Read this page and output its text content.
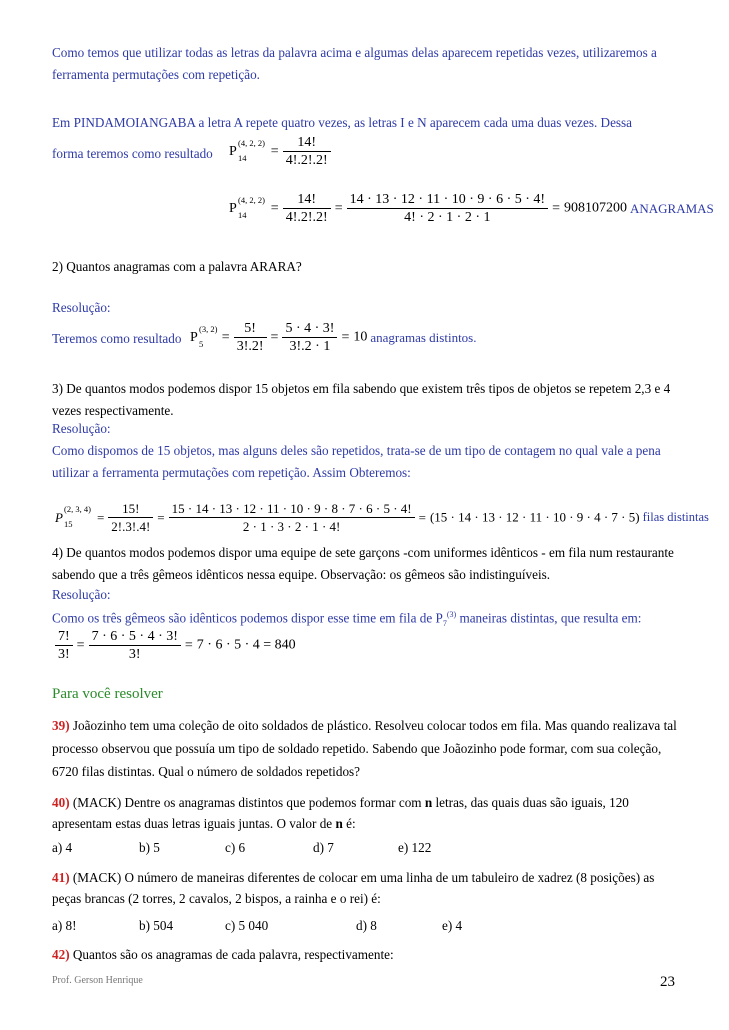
Como temos que utilizar todas as letras da palavra acima e algumas delas aparecem repetidas vezes, utilizaremos a ferramenta permutações com repetição.
Em PINDAMOIANGABA a letra A repete quatro vezes, as letras I e N aparecem cada uma duas vezes. Dessa
forma teremos como resultado	P
(4, 2, 2)
$14 = \frac{14!}{4!.2!.2!}$
P
(4, 2, 2)
$14 = \frac{14!}{4!.2!.2!} = \frac{14 \cdot 13 \cdot 12 \cdot 11 \cdot 10 \cdot 9 \cdot 6 \cdot 5 \cdot 4!}{4! \cdot 2 \cdot 1 \cdot 2 \cdot 1} = 908107200$ ANAGRAMAS
2) Quantos anagramas com a palavra ARARA?
Resolução:
Teremos como resultado P
(3, 2)
$5 = \frac{5!}{3!.2!} = \frac{5 \cdot 4 \cdot 3!}{3!.2 \cdot 1} = 10$ anagramas distintos.
3) De quantos modos podemos dispor 15 objetos em fila sabendo que existem três tipos de objetos se repetem 2,3 e 4 vezes respectivamente.
Resolução:
Como dispomos de 15 objetos, mas alguns deles são repetidos, trata-se de um tipo de contagem no qual vale a pena utilizar a ferramenta permutações com repetição. Assim Obteremos:
P
(2, 3, 4)
$15 = \frac{15!}{2!.3!.4!} = \frac{15 \cdot 14 \cdot 13 \cdot 12 \cdot 11 \cdot 10 \cdot 9 \cdot 8 \cdot 7 \cdot 6 \cdot 5 \cdot 4!}{2 \cdot 1 \cdot 3 \cdot 2 \cdot 1 \cdot 4!} = (15 \cdot 14 \cdot 13 \cdot 12 \cdot 11 \cdot 10 \cdot 9 \cdot 4 \cdot 7 \cdot 5)$ filas distintas
4) De quantos modos podemos dispor uma equipe de sete garçons -com uniformes idênticos - em fila num restaurante sabendo que a três gêmeos idênticos nessa equipe. Observação: os gêmeos são indistinguíveis.
Resolução:
Como os três gêmeos são idênticos podemos dispor esse time em fila de $P_7^{(3)}$ maneiras distintas, que resulta em:
$\frac{7!}{3!} = \frac{7 \cdot 6 \cdot 5 \cdot 4 \cdot 3!}{3!} = 7 \cdot 6 \cdot 5 \cdot 4 = 840$
Para você resolver
39) Joãozinho tem uma coleção de oito soldados de plástico. Resolveu colocar todos em fila. Mas quando realizava tal processo observou que possuía um tipo de soldado repetido. Sabendo que Joãozinho pode formar, com sua coleção, 6720 filas distintas. Qual o número de soldados repetidos?
40) (MACK) Dentre os anagramas distintos que podemos formar com n letras, das quais duas são iguais, 120 apresentam estas duas letras iguais juntas. O valor de n é:
a) 4	b) 5	c) 6	d) 7	e) 122
41) (MACK) O número de maneiras diferentes de colocar em uma linha de um tabuleiro de xadrez (8 posições) as peças brancas (2 torres, 2 cavalos, 2 bispos, a rainha e o rei) é:
a) 8!	b) 504	c) 5 040	d) 8	e) 4
42) Quantos são os anagramas de cada palavra, respectivamente:
Prof. Gerson Henrique	23
